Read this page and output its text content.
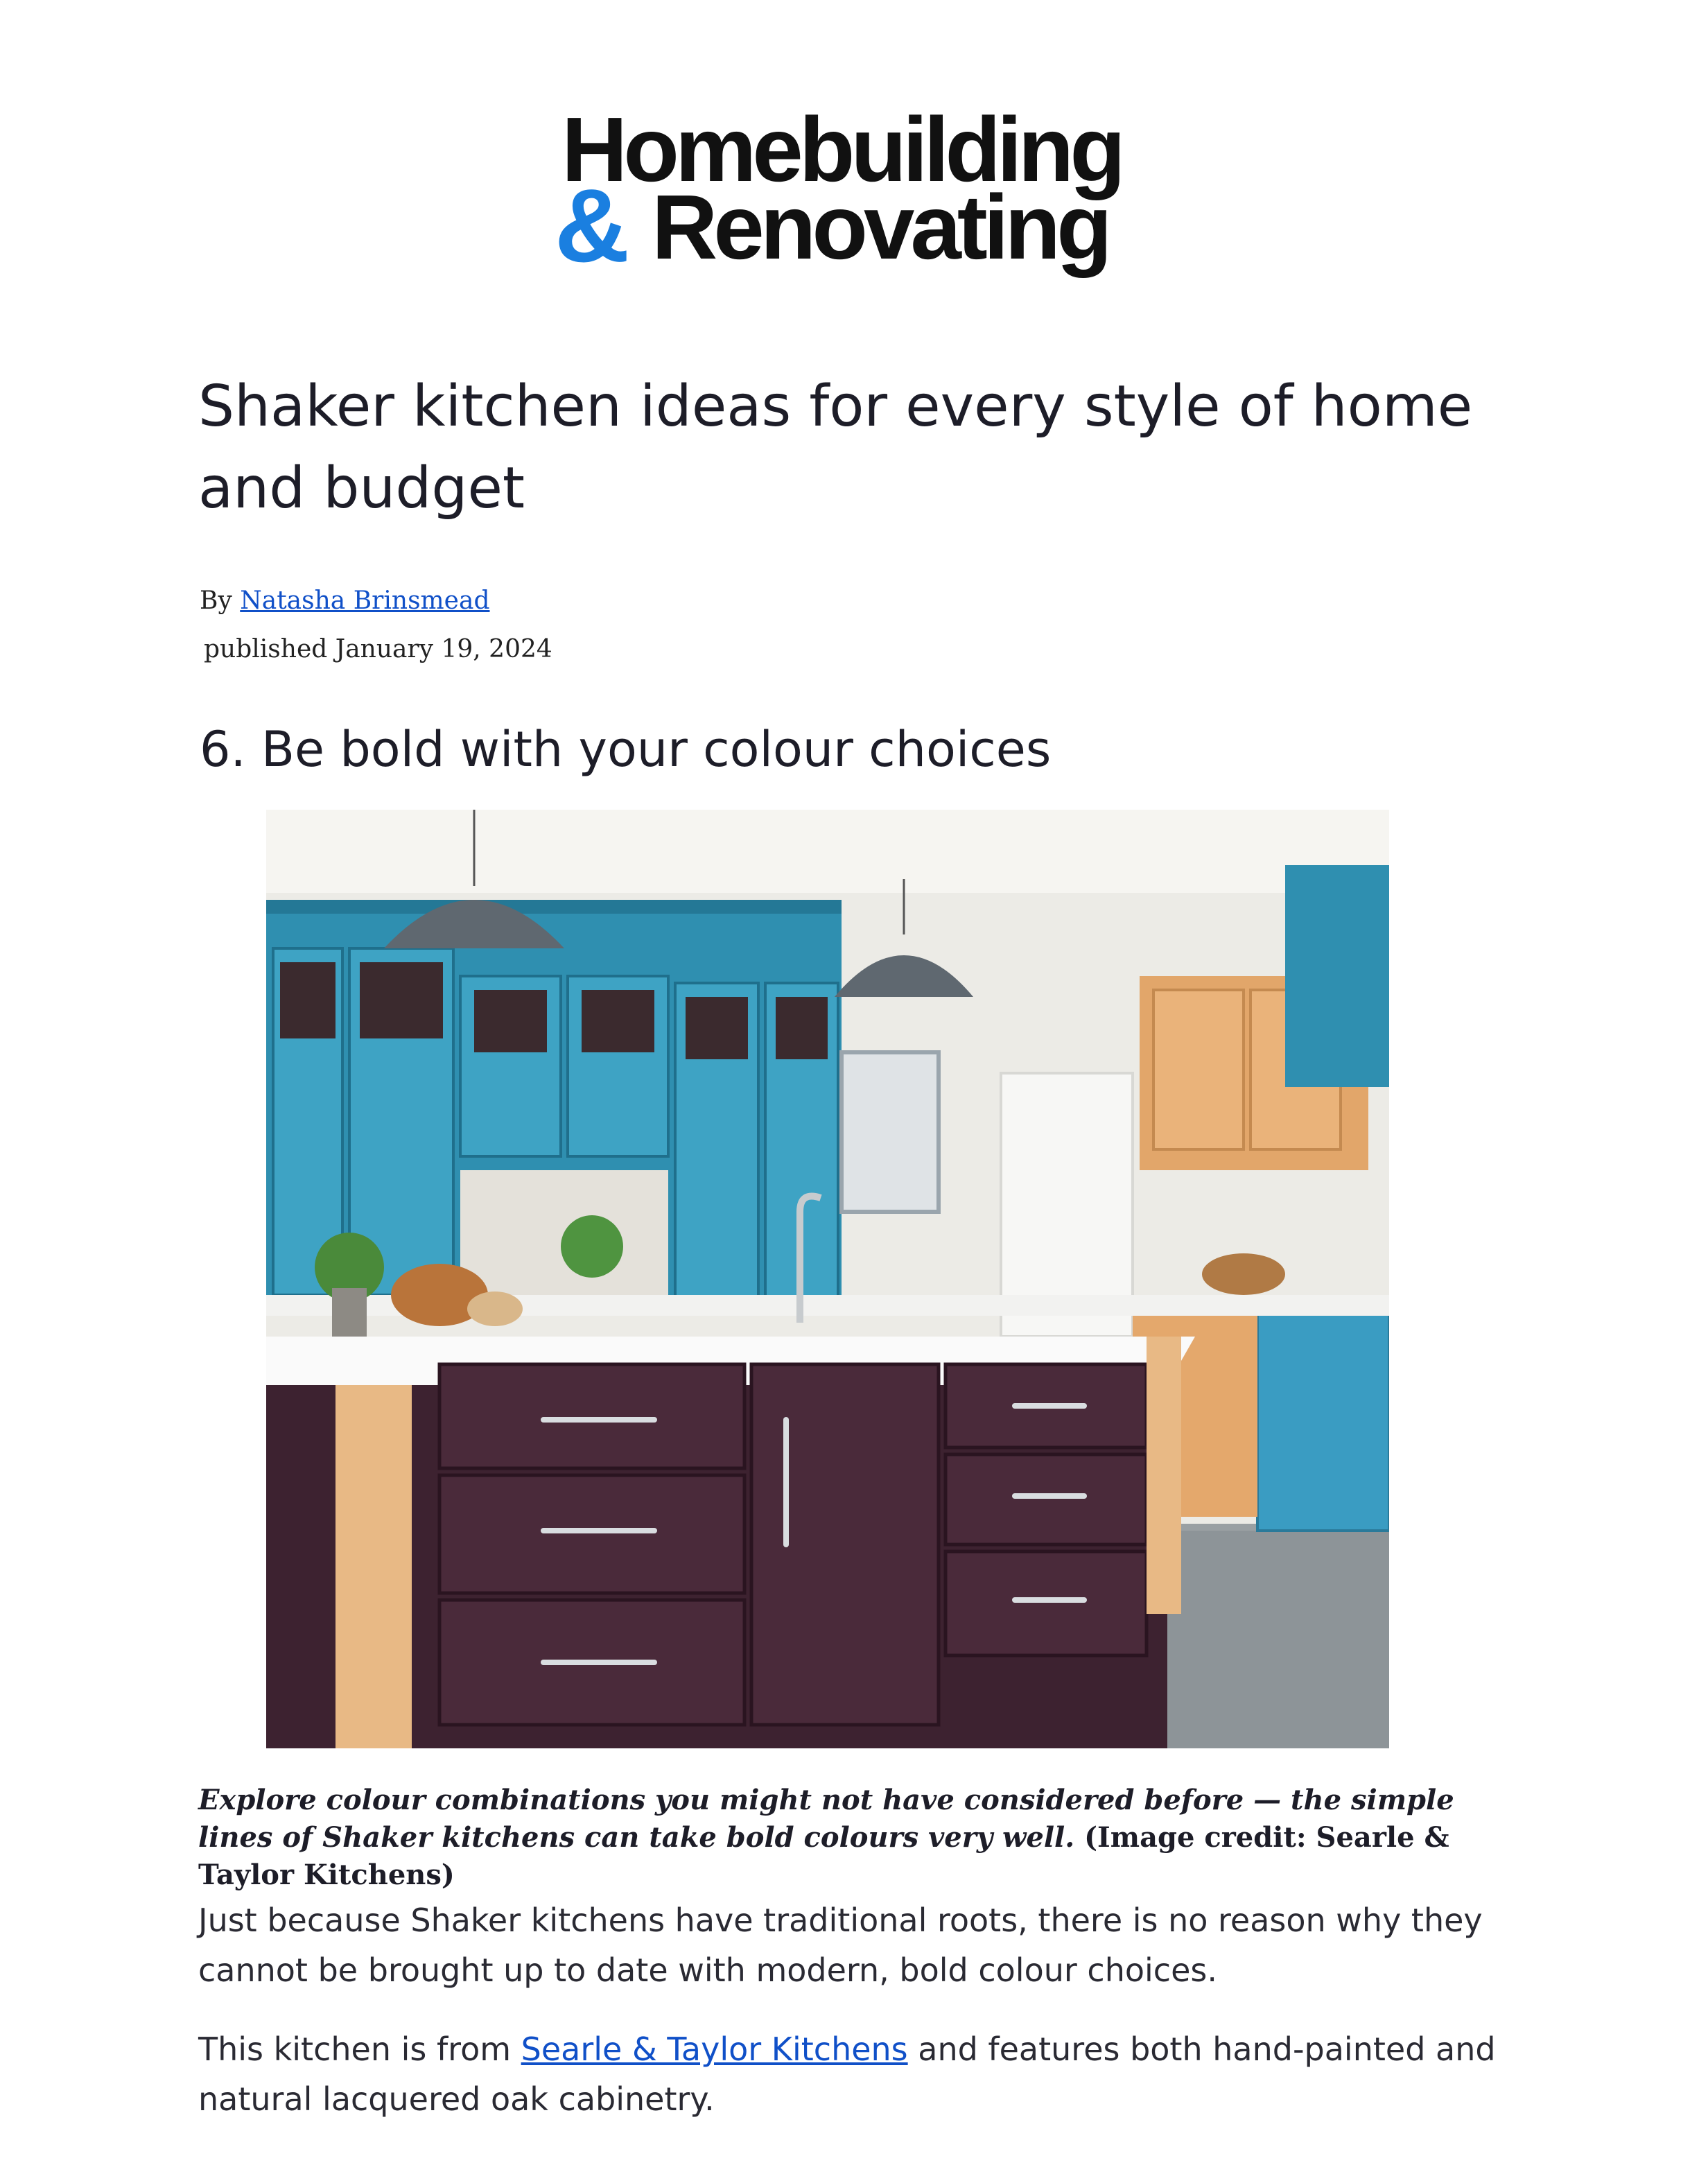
Homebuilding
& Renovating
Shaker kitchen ideas for every style of home and budget
By Natasha Brinsmead
published January 19, 2024
6. Be bold with your colour choices
Explore colour combinations you might not have considered before — the simple lines of Shaker kitchens can take bold colours very well. (Image credit: Searle & Taylor Kitchens)

Just because Shaker kitchens have traditional roots, there is no reason why they cannot be brought up to date with modern, bold colour choices.

This kitchen is from Searle & Taylor Kitchens and features both hand-painted and natural lacquered oak cabinetry.
